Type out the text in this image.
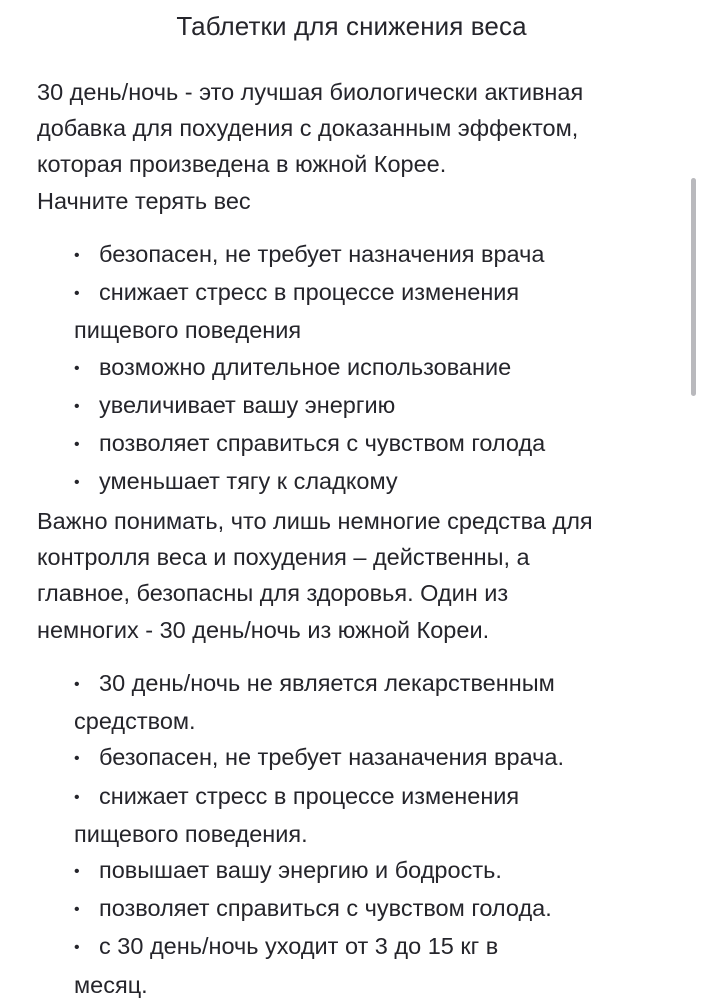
Таблетки для снижения веса

30 день/ночь - это лучшая биологически активная
добавка для похудения с доказанным эффектом,
которая произведена в южной Корее.
Начните терять вес

• безопасен, не требует назначения врача
• снижает стресс в процессе изменения
пищевого поведения
• возможно длительное использование
• увеличивает вашу энергию
• позволяет справиться с чувством голода
• уменьшает тягу к сладкому

Важно понимать, что лишь немногие средства для
контролля веса и похудения – действенны, а
главное, безопасны для здоровья. Один из
немногих - 30 день/ночь из южной Кореи.

• 30 день/ночь не является лекарственным
средством.
• безопасен, не требует назаначения врача.
• снижает стресс в процессе изменения
пищевого поведения.
• повышает вашу энергию и бодрость.
• позволяет справиться с чувством голода.
• с 30 день/ночь уходит от 3 до 15 кг в
месяц.
